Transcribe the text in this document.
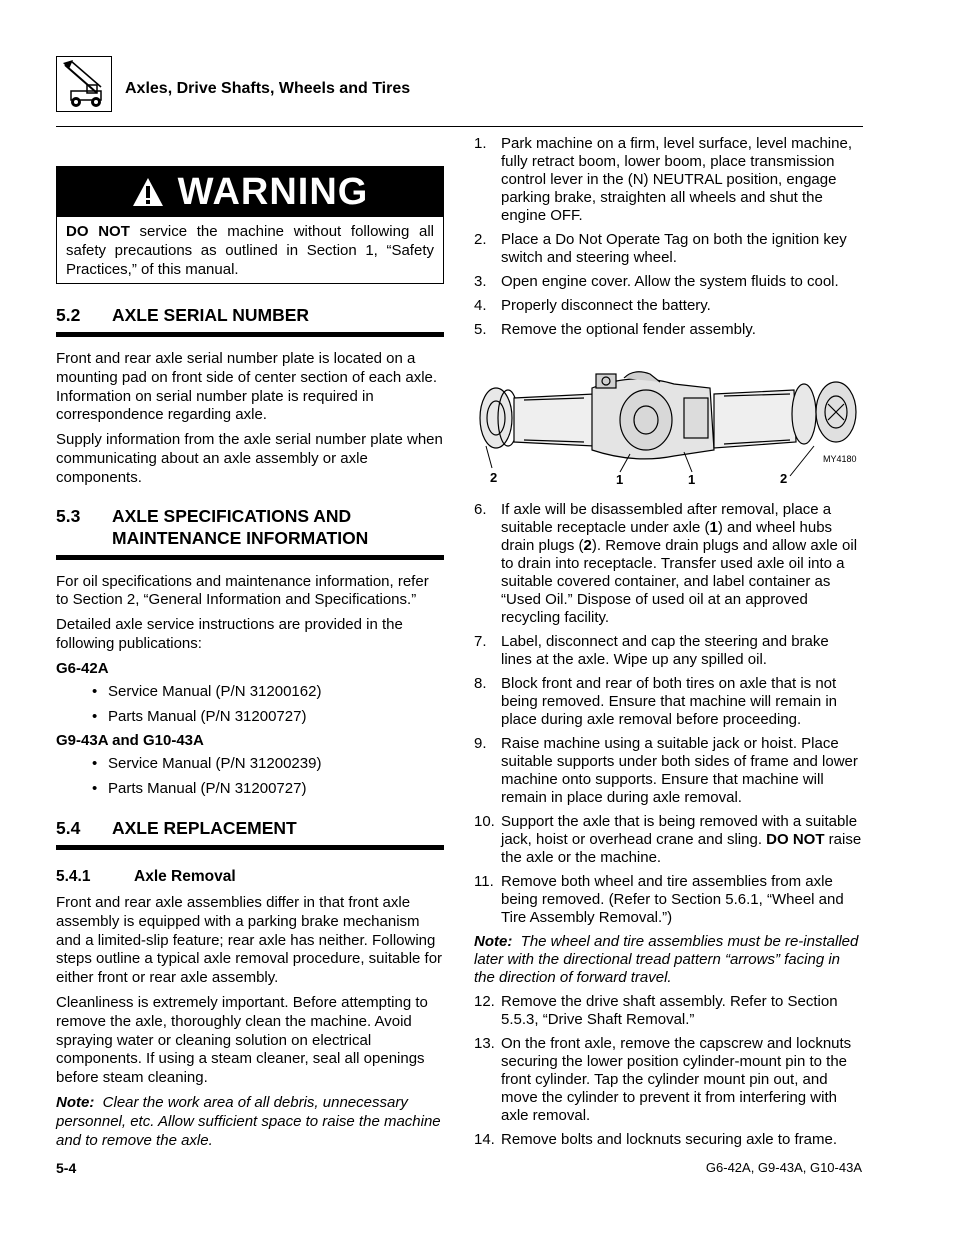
Axles, Drive Shafts, Wheels and Tires
WARNING
DO NOT service the machine without following all safety precautions as outlined in Section 1, “Safety Practices,” of this manual.
5.2	AXLE SERIAL NUMBER

Front and rear axle serial number plate is located on a mounting pad on front side of center section of each axle. Information on serial number plate is required in correspondence regarding axle.

Supply information from the axle serial number plate when communicating about an axle assembly or axle components.

5.3	AXLE SPECIFICATIONS AND
MAINTENANCE INFORMATION

For oil specifications and maintenance information, refer to Section 2, “General Information and Specifications.”

Detailed axle service instructions are provided in the following publications:

G6-42A
• Service Manual (P/N 31200162)
• Parts Manual (P/N 31200727)
G9-43A and G10-43A
• Service Manual (P/N 31200239)
• Parts Manual (P/N 31200727)
5.4	AXLE REPLACEMENT
5.4.1	Axle Removal

Front and rear axle assemblies differ in that front axle assembly is equipped with a parking brake mechanism and a limited-slip feature; rear axle has neither. Following steps outline a typical axle removal procedure, suitable for either front or rear axle assembly.

Cleanliness is extremely important. Before attempting to remove the axle, thoroughly clean the machine. Avoid spraying water or cleaning solution on electrical components. If using a steam cleaner, seal all openings before steam cleaning.

Note: Clear the work area of all debris, unnecessary personnel, etc. Allow sufficient space to raise the machine and to remove the axle.
1. Park machine on a firm, level surface, level machine, fully retract boom, lower boom, place transmission control lever in the (N) NEUTRAL position, engage parking brake, straighten all wheels and shut the engine OFF.
2. Place a Do Not Operate Tag on both the ignition key switch and steering wheel.
3. Open engine cover. Allow the system fluids to cool.
4. Properly disconnect the battery.
5. Remove the optional fender assembly.
MY4180
2	1	1	2
6. If axle will be disassembled after removal, place a suitable receptacle under axle (1) and wheel hubs drain plugs (2). Remove drain plugs and allow axle oil to drain into receptacle. Transfer used axle oil into a suitable covered container, and label container as “Used Oil.” Dispose of used oil at an approved recycling facility.
7. Label, disconnect and cap the steering and brake lines at the axle. Wipe up any spilled oil.
8. Block front and rear of both tires on axle that is not being removed. Ensure that machine will remain in place during axle removal before proceeding.
9. Raise machine using a suitable jack or hoist. Place suitable supports under both sides of frame and lower machine onto supports. Ensure that machine will remain in place during axle removal.
10. Support the axle that is being removed with a suitable jack, hoist or overhead crane and sling. DO NOT raise the axle or the machine.
11. Remove both wheel and tire assemblies from axle being removed. (Refer to Section 5.6.1, “Wheel and Tire Assembly Removal.”)
Note: The wheel and tire assemblies must be re-installed later with the directional tread pattern “arrows” facing in the direction of forward travel.
12. Remove the drive shaft assembly. Refer to Section 5.5.3, “Drive Shaft Removal.”
13. On the front axle, remove the capscrew and locknuts securing the lower position cylinder-mount pin to the front cylinder. Tap the cylinder mount pin out, and move the cylinder to prevent it from interfering with axle removal.
14. Remove bolts and locknuts securing axle to frame.
5-4	G6-42A, G9-43A, G10-43A
